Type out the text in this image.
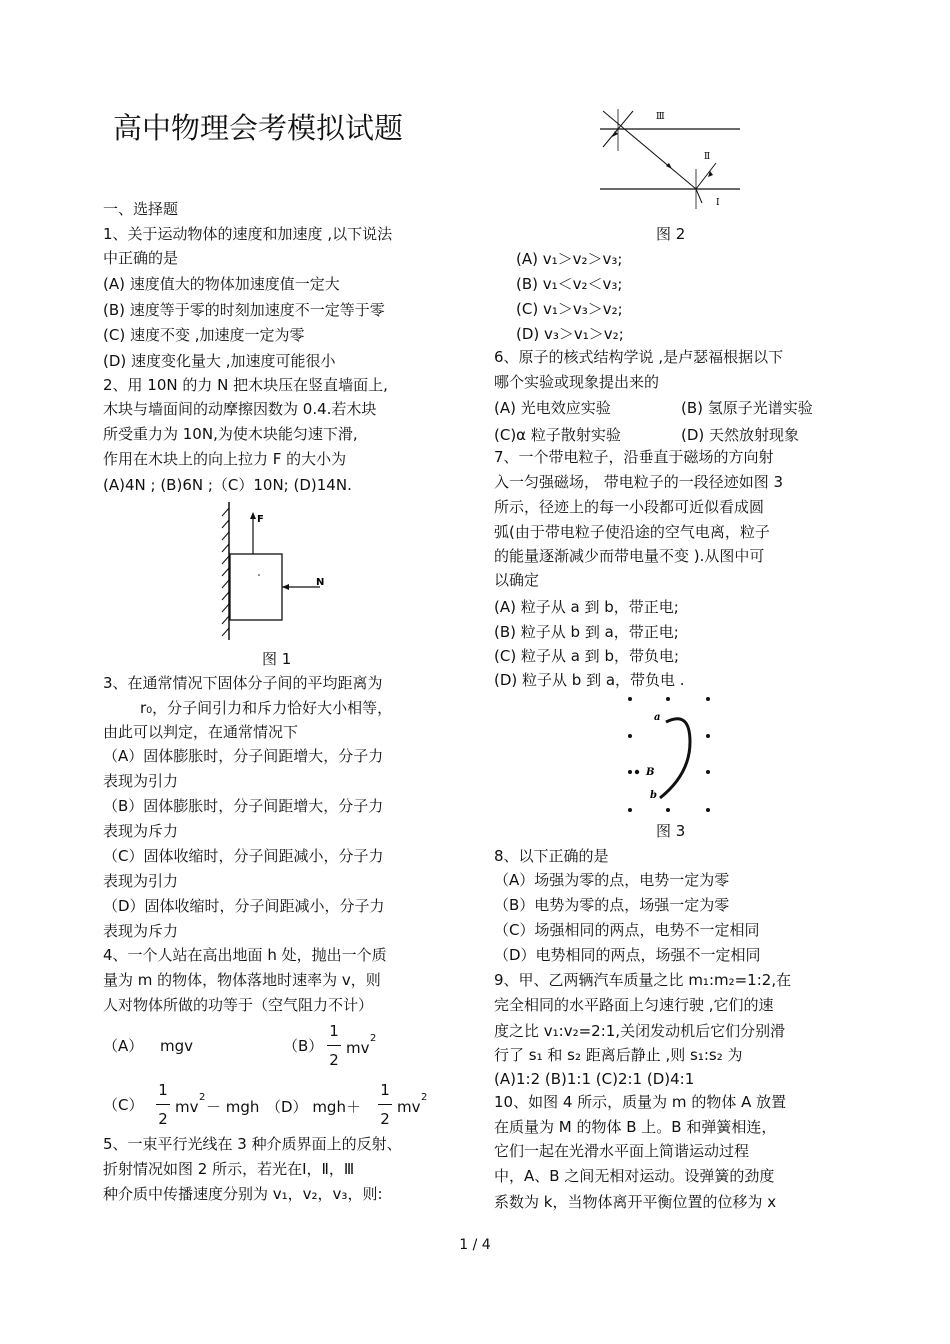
高中物理会考模拟试题
一、选择题
1、关于运动物体的速度和加速度 ,以下说法
中正确的是
(A) 速度值大的物体加速度值一定大
(B) 速度等于零的时刻加速度不一定等于零
(C) 速度不变 ,加速度一定为零
(D) 速度变化量大 ,加速度可能很小
2、用 10N 的力 N 把木块压在竖直墙面上,
木块与墙面间的动摩擦因数为 0.4.若木块
所受重力为 10N,为使木块能匀速下滑,
作用在木块上的向上拉力 F 的大小为
(A)4N ; (B)6N ;（C）10N; (D)14N.
F
N
图 1
3、在通常情况下固体分子间的平均距离为
r₀，分子间引力和斥力恰好大小相等，
由此可以判定，在通常情况下
（A）固体膨胀时，分子间距增大，分子力
表现为引力
（B）固体膨胀时，分子间距增大，分子力
表现为斥力
（C）固体收缩时，分子间距减小，分子力
表现为引力
（D）固体收缩时，分子间距减小，分子力
表现为斥力
4、一个人站在高出地面 h 处，抛出一个质
量为 m 的物体，物体落地时速率为 v，则
人对物体所做的功等于（空气阻力不计）
（A） mgv	（B）
1
2
mv
2
（C）
1
2
mv
2
－ mgh （D） mgh＋
1
2
mv
2
5、一束平行光线在 3 种介质界面上的反射、
折射情况如图 2 所示，若光在Ⅰ，Ⅱ，Ⅲ
种介质中传播速度分别为 v₁，v₂，v₃，则:
Ⅲ
Ⅱ
Ⅰ
图 2
(A) v₁＞v₂＞v₃;
(B) v₁＜v₂＜v₃;
(C) v₁＞v₃＞v₂;
(D) v₃＞v₁＞v₂;
6、原子的核式结构学说 ,是卢瑟福根据以下
哪个实验或现象提出来的
(A) 光电效应实验	(B) 氢原子光谱实验
(C)α 粒子散射实验	(D) 天然放射现象
7、一个带电粒子，沿垂直于磁场的方向射
入一匀强磁场， 带电粒子的一段径迹如图 3
所示，径迹上的每一小段都可近似看成圆
弧(由于带电粒子使沿途的空气电离，粒子
的能量逐渐减少而带电量不变 ).从图中可
以确定
(A) 粒子从 a 到 b，带正电;
(B) 粒子从 b 到 a，带正电;
(C) 粒子从 a 到 b，带负电;
(D) 粒子从 b 到 a，带负电 .
a
B
b
图 3
8、以下正确的是
（A）场强为零的点，电势一定为零
（B）电势为零的点，场强一定为零
（C）场强相同的两点，电势不一定相同
（D）电势相同的两点，场强不一定相同
9、甲、乙两辆汽车质量之比 m₁:m₂=1:2,在
完全相同的水平路面上匀速行驶 ,它们的速
度之比 v₁:v₂=2:1,关闭发动机后它们分别滑
行了 s₁ 和 s₂ 距离后静止 ,则 s₁:s₂ 为
(A)1:2 (B)1:1 (C)2:1 (D)4:1
10、如图 4 所示，质量为 m 的物体 A 放置
在质量为 M 的物体 B 上。B 和弹簧相连，
它们一起在光滑水平面上简谐运动过程
中，A、B 之间无相对运动。设弹簧的劲度
系数为 k，当物体离开平衡位置的位移为 x
1 / 4
